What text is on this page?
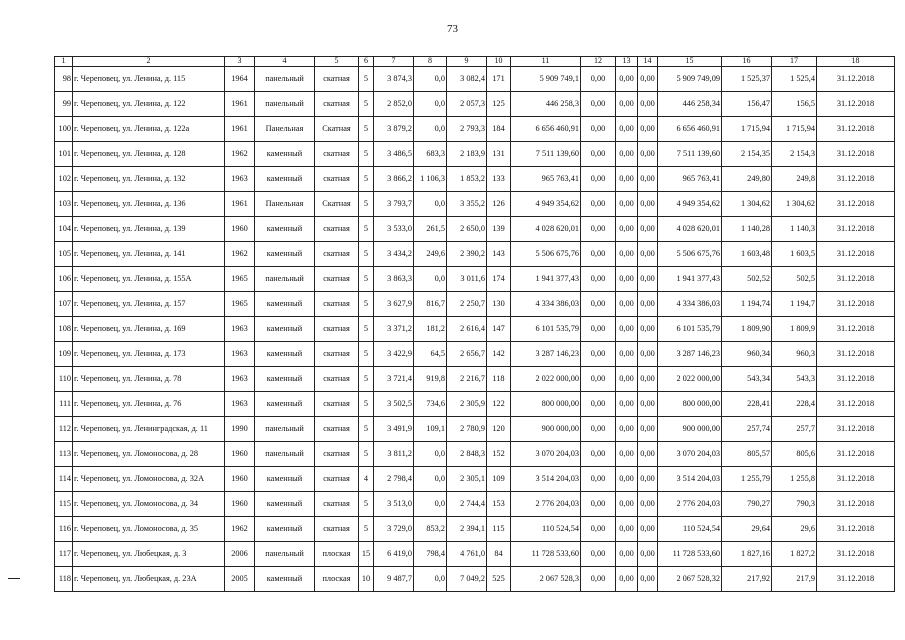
73
1	2	3	4	5	6	7	8	9	10	11	12	13	14	15	16	17	18
98	г. Череповец, ул. Ленина, д. 115	1964	панельный	скатная	5	3 874,3	0,0	3 082,4	171	5 909 749,1	0,00	0,00	0,00	5 909 749,09	1 525,37	1 525,4	31.12.2018
99	г. Череповец, ул. Ленина, д. 122	1961	панельный	скатная	5	2 852,0	0,0	2 057,3	125	446 258,3	0,00	0,00	0,00	446 258,34	156,47	156,5	31.12.2018
100	г. Череповец, ул. Ленина, д. 122а	1961	Панельная	Скатная	5	3 879,2	0,0	2 793,3	184	6 656 460,91	0,00	0,00	0,00	6 656 460,91	1 715,94	1 715,94	31.12.2018
101	г. Череповец, ул. Ленина, д. 128	1962	каменный	скатная	5	3 486,5	683,3	2 183,9	131	7 511 139,60	0,00	0,00	0,00	7 511 139,60	2 154,35	2 154,3	31.12.2018
102	г. Череповец, ул. Ленина, д. 132	1963	каменный	скатная	5	3 866,2	1 106,3	1 853,2	133	965 763,41	0,00	0,00	0,00	965 763,41	249,80	249,8	31.12.2018
103	г. Череповец, ул. Ленина, д. 136	1961	Панельная	Скатная	5	3 793,7	0,0	3 355,2	126	4 949 354,62	0,00	0,00	0,00	4 949 354,62	1 304,62	1 304,62	31.12.2018
104	г. Череповец, ул. Ленина, д. 139	1960	каменный	скатная	5	3 533,0	261,5	2 650,0	139	4 028 620,01	0,00	0,00	0,00	4 028 620,01	1 140,28	1 140,3	31.12.2018
105	г. Череповец, ул. Ленина, д. 141	1962	каменный	скатная	5	3 434,2	249,6	2 390,2	143	5 506 675,76	0,00	0,00	0,00	5 506 675,76	1 603,48	1 603,5	31.12.2018
106	г. Череповец, ул. Ленина, д. 155А	1965	панельный	скатная	5	3 863,3	0,0	3 011,6	174	1 941 377,43	0,00	0,00	0,00	1 941 377,43	502,52	502,5	31.12.2018
107	г. Череповец, ул. Ленина, д. 157	1965	каменный	скатная	5	3 627,9	816,7	2 250,7	130	4 334 386,03	0,00	0,00	0,00	4 334 386,03	1 194,74	1 194,7	31.12.2018
108	г. Череповец, ул. Ленина, д. 169	1963	каменный	скатная	5	3 371,2	181,2	2 616,4	147	6 101 535,79	0,00	0,00	0,00	6 101 535,79	1 809,90	1 809,9	31.12.2018
109	г. Череповец, ул. Ленина, д. 173	1963	каменный	скатная	5	3 422,9	64,5	2 656,7	142	3 287 146,23	0,00	0,00	0,00	3 287 146,23	960,34	960,3	31.12.2018
110	г. Череповец, ул. Ленина, д. 78	1963	каменный	скатная	5	3 721,4	919,8	2 216,7	118	2 022 000,00	0,00	0,00	0,00	2 022 000,00	543,34	543,3	31.12.2018
111	г. Череповец, ул. Ленина, д. 76	1963	каменный	скатная	5	3 502,5	734,6	2 305,9	122	800 000,00	0,00	0,00	0,00	800 000,00	228,41	228,4	31.12.2018
112	г. Череповец, ул. Ленинградская, д. 11	1990	панельный	скатная	5	3 491,9	109,1	2 780,9	120	900 000,00	0,00	0,00	0,00	900 000,00	257,74	257,7	31.12.2018
113	г. Череповец, ул. Ломоносова, д. 28	1960	панельный	скатная	5	3 811,2	0,0	2 848,3	152	3 070 204,03	0,00	0,00	0,00	3 070 204,03	805,57	805,6	31.12.2018
114	г. Череповец, ул. Ломоносова, д. 32А	1960	каменный	скатная	4	2 798,4	0,0	2 305,1	109	3 514 204,03	0,00	0,00	0,00	3 514 204,03	1 255,79	1 255,8	31.12.2018
115	г. Череповец, ул. Ломоносова, д. 34	1960	каменный	скатная	5	3 513,0	0,0	2 744,4	153	2 776 204,03	0,00	0,00	0,00	2 776 204,03	790,27	790,3	31.12.2018
116	г. Череповец, ул. Ломоносова, д. 35	1962	каменный	скатная	5	3 729,0	853,2	2 394,1	115	110 524,54	0,00	0,00	0,00	110 524,54	29,64	29,6	31.12.2018
117	г. Череповец, ул. Любецкая, д. 3	2006	панельный	плоская	15	6 419,0	798,4	4 761,0	84	11 728 533,60	0,00	0,00	0,00	11 728 533,60	1 827,16	1 827,2	31.12.2018
118	г. Череповец, ул. Любецкая, д. 23А	2005	каменный	плоская	10	9 487,7	0,0	7 049,2	525	2 067 528,3	0,00	0,00	0,00	2 067 528,32	217,92	217,9	31.12.2018
